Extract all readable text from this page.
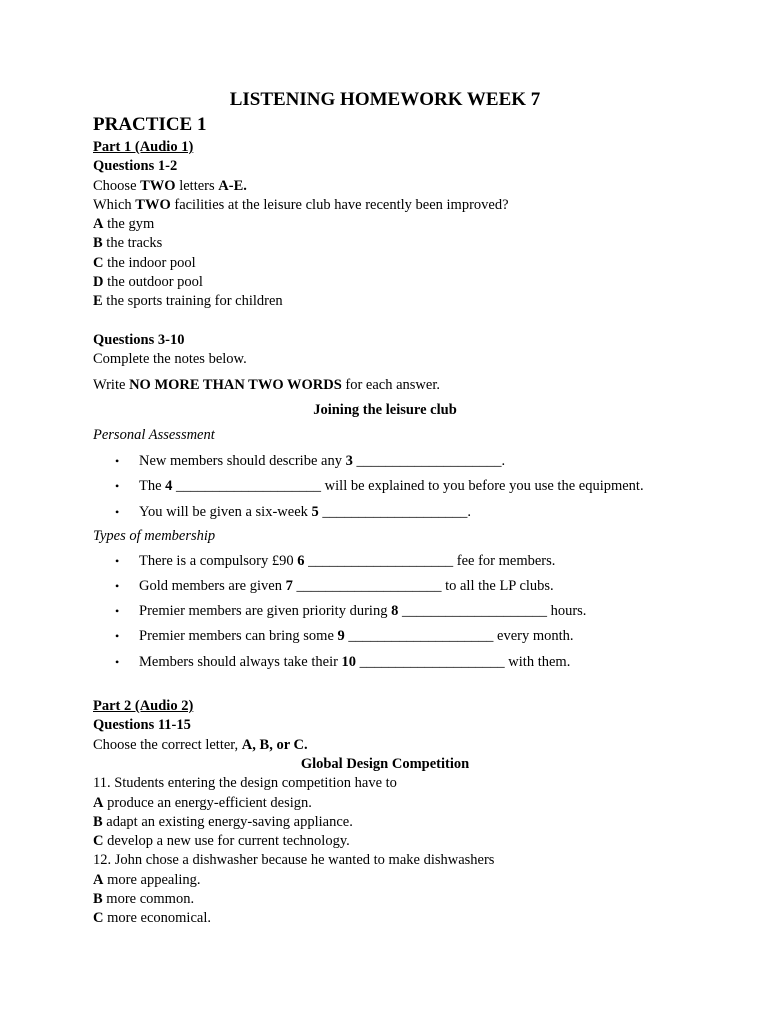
LISTENING HOMEWORK WEEK 7
PRACTICE 1
Part 1 (Audio 1)
Questions 1-2
Choose TWO letters A-E.
Which TWO facilities at the leisure club have recently been improved?
A the gym
B the tracks
C the indoor pool
D the outdoor pool
E the sports training for children
Questions 3-10
Complete the notes below.
Write NO MORE THAN TWO WORDS for each answer.
Joining the leisure club
Personal Assessment
• New members should describe any 3 ____________________.
• The 4 ____________________ will be explained to you before you use the equipment.
• You will be given a six-week 5 ____________________.
Types of membership
• There is a compulsory £90 6 ____________________ fee for members.
• Gold members are given 7 ____________________ to all the LP clubs.
• Premier members are given priority during 8 ____________________ hours.
• Premier members can bring some 9 ____________________ every month.
• Members should always take their 10 ____________________ with them.
Part 2 (Audio 2)
Questions 11-15
Choose the correct letter, A, B, or C.
Global Design Competition
11. Students entering the design competition have to
A produce an energy-efficient design.
B adapt an existing energy-saving appliance.
C develop a new use for current technology.
12. John chose a dishwasher because he wanted to make dishwashers
A more appealing.
B more common.
C more economical.
